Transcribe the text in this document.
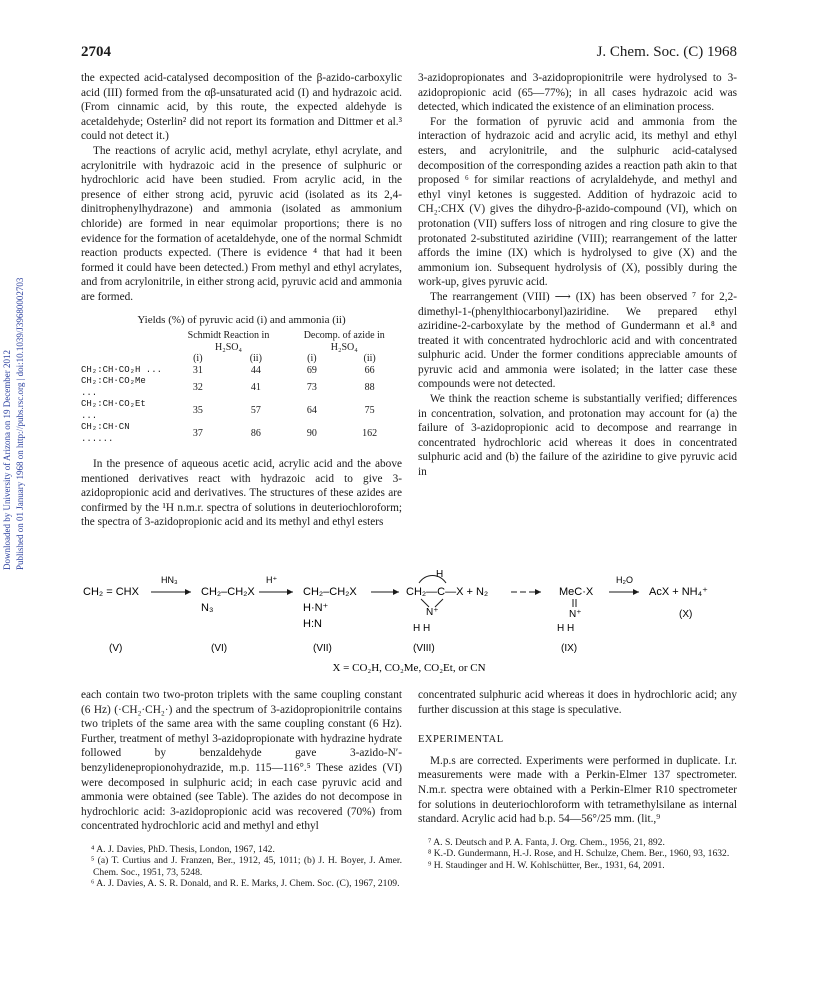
Downloaded by University of Arizona on 19 December 2012 Published on 01 January 1968 on http://pubs.rsc.org | doi:10.1039/J39680002703
2704	J. Chem. Soc. (C) 1968

the expected acid-catalysed decomposition of the β-azido-carboxylic acid (III) formed from the αβ-unsaturated acid (I) and hydrazoic acid. (From cinnamic acid, by this route, the expected aldehyde is acetaldehyde; Osterlin² did not report its formation and Dittmer et al.³ could not detect it.)

The reactions of acrylic acid, methyl acrylate, ethyl acrylate, and acrylonitrile with hydrazoic acid in the presence of sulphuric or hydrochloric acid have been studied. From acrylic acid, in the presence of either strong acid, pyruvic acid (isolated as its 2,4-dinitrophenylhydrazone) and ammonia (isolated as ammonium chloride) are formed in near equimolar proportions; there is no evidence for the formation of acetaldehyde, one of the normal Schmidt reaction products expected. (There is evidence ⁴ that had it been formed it could have been detected.) From methyl and ethyl acrylates, and from acrylonitrile, in either strong acid, pyruvic acid and ammonia are formed.

Yields (%) of pyruvic acid (i) and ammonia (ii)
	Schmidt Reaction in H₂SO₄		Decomp. of azide in H₂SO₄	
	(i)	(ii)	(i)	(ii)
CH₂:CH·CO₂H ...	31	44	69	66
CH₂:CH·CO₂Me ...	32	41	73	88
CH₂:CH·CO₂Et ...	35	57	64	75
CH₂:CH·CN ......	37	86	90	162

In the presence of aqueous acetic acid, acrylic acid and the above mentioned derivatives react with hydrazoic acid to give 3-azidopropionic acid and derivatives. The structures of these azides are confirmed by the ¹H n.m.r. spectra of solutions in deuteriochloroform; the spectra of 3-azidopropionic acid and its methyl and ethyl esters

3-azidopropionates and 3-azidopropionitrile were hydrolysed to 3-azidopropionic acid (65—77%); in all cases hydrazoic acid was detected, which indicated the existence of an elimination process.

For the formation of pyruvic acid and ammonia from the interaction of hydrazoic acid and acrylic acid, its methyl and ethyl esters, and acrylonitrile, and the sulphuric acid-catalysed decomposition of the corresponding azides a reaction path akin to that proposed ⁶ for similar reactions of acrylaldehyde, and methyl and ethyl vinyl ketones is suggested. Addition of hydrazoic acid to CH₂:CHX (V) gives the dihydro-β-azido-compound (VI), which on protonation (VII) suffers loss of nitrogen and ring closure to give the protonated 2-substituted aziridine (VIII); rearrangement of the latter affords the imine (IX) which is hydrolysed to give (X) and the ammonium ion. Subsequent hydrolysis of (X), possibly during the work-up, gives pyruvic acid.

The rearrangement (VIII) ⟶ (IX) has been observed ⁷ for 2,2-dimethyl-1-(phenylthiocarbonyl)aziridine. We prepared ethyl aziridine-2-carboxylate by the method of Gundermann et al.⁸ and treated it with concentrated hydrochloric acid and with concentrated sulphuric acid. Under the former conditions appreciable amounts of pyruvic acid and ammonia were isolated; in the latter case these compounds were not detected.

We think the reaction scheme is substantially verified; differences in concentration, solvation, and protonation may account for (a) the failure of 3-azidopropionic acid to decompose and rearrange in concentrated hydrochloric acid whereas it does in concentrated sulphuric acid and (b) the failure of the aziridine to give pyruvic acid in

CH₂ = CHX
HN₃
CH₂–CH₂X
N₃
H⁺
CH₂–CH₂X
H·N⁺
H:N
H
CH₂—C—X + N₂
N⁺
H H
MeC·X
N⁺
H H
H₂O
AcX + NH₄⁺
(X)
(V)	(VI)	(VII)	(VIII)	(IX)
X = CO₂H, CO₂Me, CO₂Et, or CN

each contain two two-proton triplets with the same coupling constant (6 Hz) (·CH₂·CH₂·) and the spectrum of 3-azidopropionitrile contains two triplets of the same area with the same coupling constant (6 Hz). Further, treatment of methyl 3-azidopropionate with hydrazine hydrate followed by benzaldehyde gave 3-azido-N′-benzylidenepropionohydrazide, m.p. 115—116°.⁵ These azides (VI) were decomposed in sulphuric acid; in each case pyruvic acid and ammonia were obtained (see Table). The azides do not decompose in hydrochloric acid: 3-azidopropionic acid was recovered (70%) from concentrated hydrochloric acid and methyl and ethyl

⁴ A. J. Davies, PhD. Thesis, London, 1967, 142.

⁵ (a) T. Curtius and J. Franzen, Ber., 1912, 45, 1011; (b) J. H. Boyer, J. Amer. Chem. Soc., 1951, 73, 5248.

⁶ A. J. Davies, A. S. R. Donald, and R. E. Marks, J. Chem. Soc. (C), 1967, 2109.

concentrated sulphuric acid whereas it does in hydrochloric acid; any further discussion at this stage is speculative.

EXPERIMENTAL

M.p.s are corrected. Experiments were performed in duplicate. I.r. measurements were made with a Perkin-Elmer 137 spectrometer. N.m.r. spectra were obtained with a Perkin-Elmer R10 spectrometer for solutions in deuteriochloroform with tetramethylsilane as internal standard. Acrylic acid had b.p. 54—56°/25 mm. (lit.,⁹

⁷ A. S. Deutsch and P. A. Fanta, J. Org. Chem., 1956, 21, 892.

⁸ K.-D. Gundermann, H.-J. Rose, and H. Schulze, Chem. Ber., 1960, 93, 1632.

⁹ H. Staudinger and H. W. Kohlschütter, Ber., 1931, 64, 2091.
